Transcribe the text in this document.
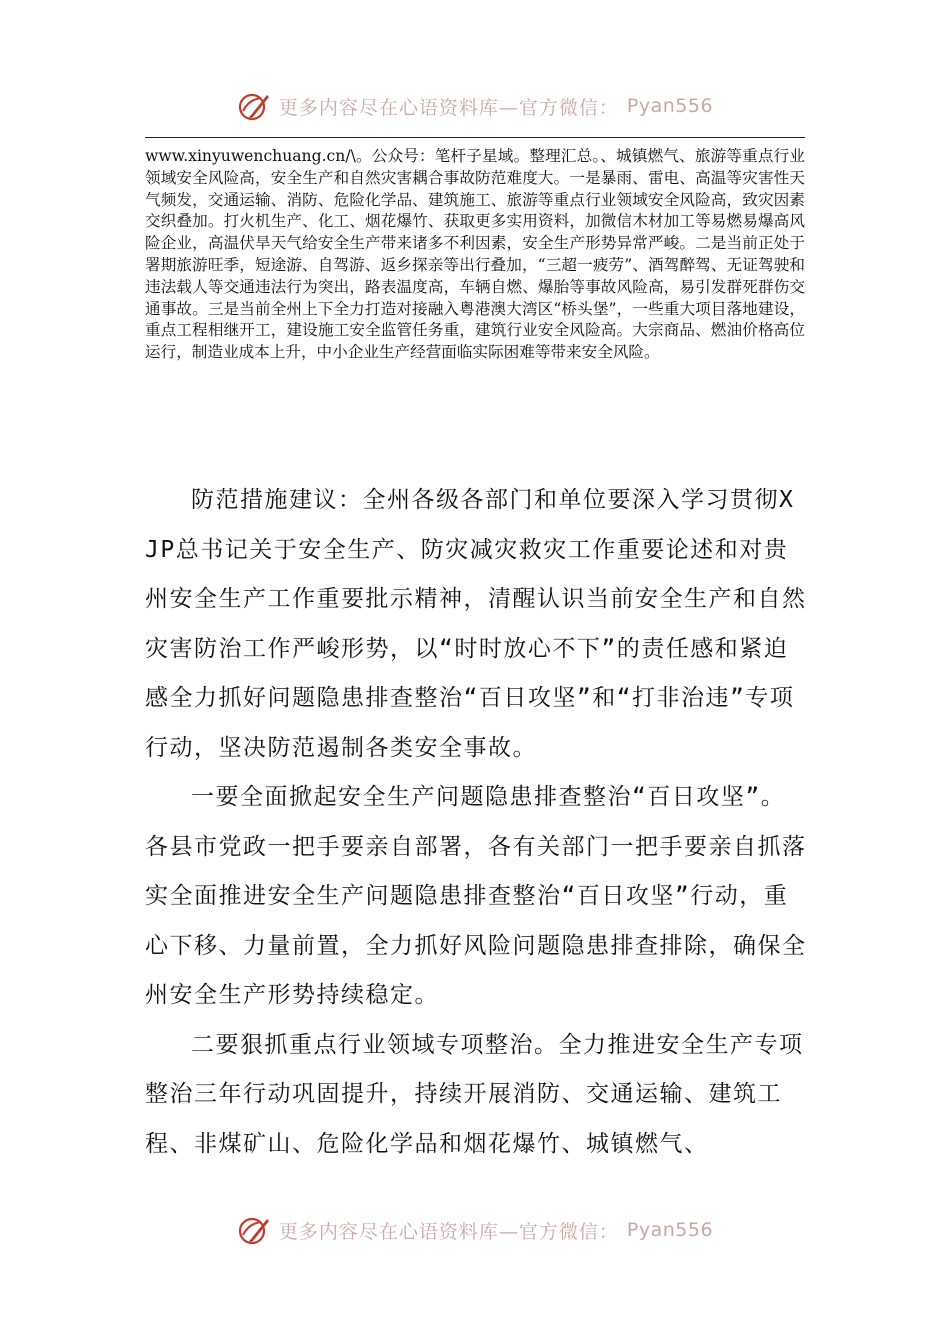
更多内容尽在心语资料库—官方微信： Pyan556

www.xinyuwenchuang.cn/\。公众号：笔杆子星域。整理汇总。、城镇燃气、旅游等重点行业领域安全风险高，安全生产和自然灾害耦合事故防范难度大。一是暴雨、雷电、高温等灾害性天气频发，交通运输、消防、危险化学品、建筑施工、旅游等重点行业领域安全风险高，致灾因素交织叠加。打火机生产、化工、烟花爆竹、获取更多实用资料，加微信木材加工等易燃易爆高风险企业，高温伏旱天气给安全生产带来诸多不利因素，安全生产形势异常严峻。二是当前正处于署期旅游旺季，短途游、自驾游、返乡探亲等出行叠加，“三超一疲劳”、酒驾醉驾、无证驾驶和违法载人等交通违法行为突出，路表温度高，车辆自燃、爆胎等事故风险高，易引发群死群伤交通事故。三是当前全州上下全力打造对接融入粤港澳大湾区“桥头堡”，一些重大项目落地建设，重点工程相继开工，建设施工安全监管任务重，建筑行业安全风险高。大宗商品、燃油价格高位运行，制造业成本上升，中小企业生产经营面临实际困难等带来安全风险。

防范措施建议：全州各级各部门和单位要深入学习贯彻XJP总书记关于安全生产、防灾减灾救灾工作重要论述和对贵州安全生产工作重要批示精神，清醒认识当前安全生产和自然灾害防治工作严峻形势，以“时时放心不下”的责任感和紧迫感全力抓好问题隐患排查整治“百日攻坚”和“打非治违”专项行动，坚决防范遏制各类安全事故。

一要全面掀起安全生产问题隐患排查整治“百日攻坚”。各县市党政一把手要亲自部署，各有关部门一把手要亲自抓落实全面推进安全生产问题隐患排查整治“百日攻坚”行动，重心下移、力量前置，全力抓好风险问题隐患排查排除，确保全州安全生产形势持续稳定。

二要狠抓重点行业领域专项整治。全力推进安全生产专项整治三年行动巩固提升，持续开展消防、交通运输、建筑工程、非煤矿山、危险化学品和烟花爆竹、城镇燃气、

更多内容尽在心语资料库—官方微信： Pyan556
